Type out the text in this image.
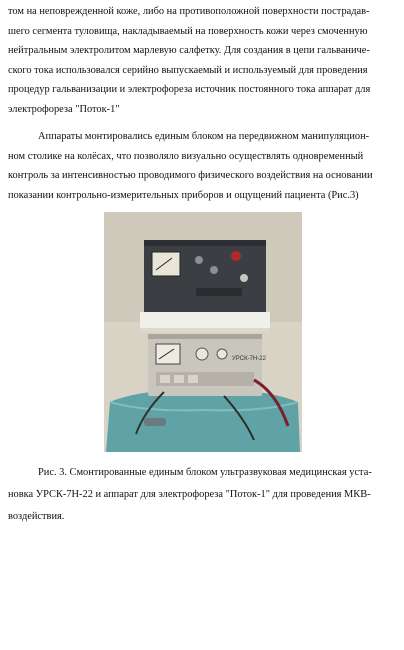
том на неповрежденной коже, либо на противоположной поверхности пострадав-
шего сегмента туловища, накладываемый на поверхность кожи через смоченную
нейтральным электролитом марлевую салфетку. Для создания в цепи гальваниче-
ского тока использовался серийно выпускаемый и используемый для проведения
процедур гальванизации и электрофореза источник постоянного тока аппарат для
электрофореза "Поток-1"

Аппараты монтировались единым блоком на передвижном манипуляцион-
ном столике на колёсах, что позволяло визуально осуществлять одновременный
контроль за интенсивностью проводимого физического воздействия на основании
показании контрольно-измерительных приборов и ощущений пациента (Рис.3)

УРСК-7Н-22

Рис. 3. Смонтированные единым блоком ультразвуковая медицинская уста-
новка УРСК-7Н-22 и аппарат для электрофореза "Поток-1" для проведения МКВ-
воздействия.
